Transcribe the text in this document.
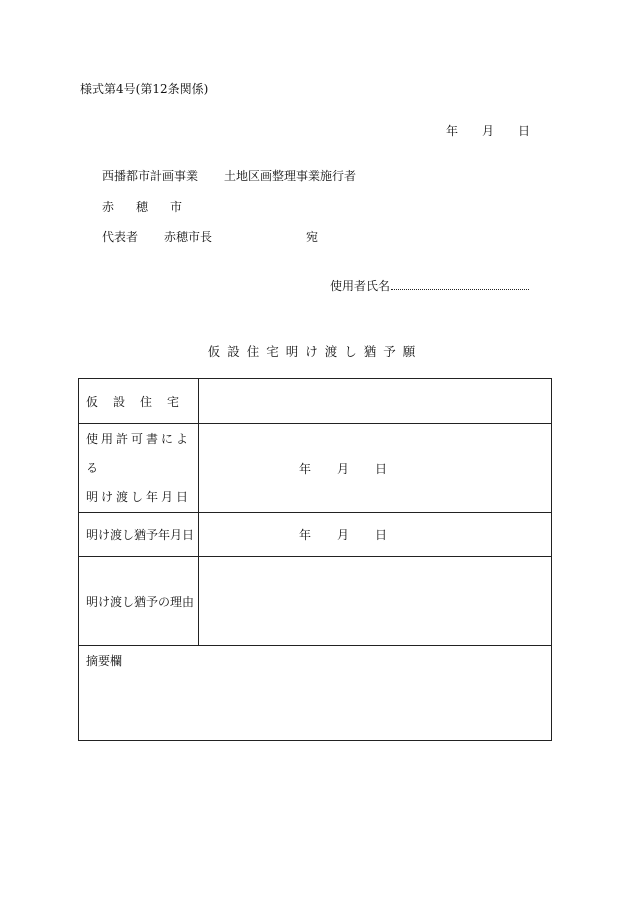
様式第4号(第12条関係)
年 月 日
西播都市計画事業 土地区画整理事業施行者
赤穂市
代表者 赤穂市長	宛
使用者氏名
仮設住宅明け渡し猶予願
仮設住宅
使用許可書による
明け渡し年月日
年 月 日
明け渡し猶予年月日	年 月 日
明け渡し猶予の理由
摘要欄
